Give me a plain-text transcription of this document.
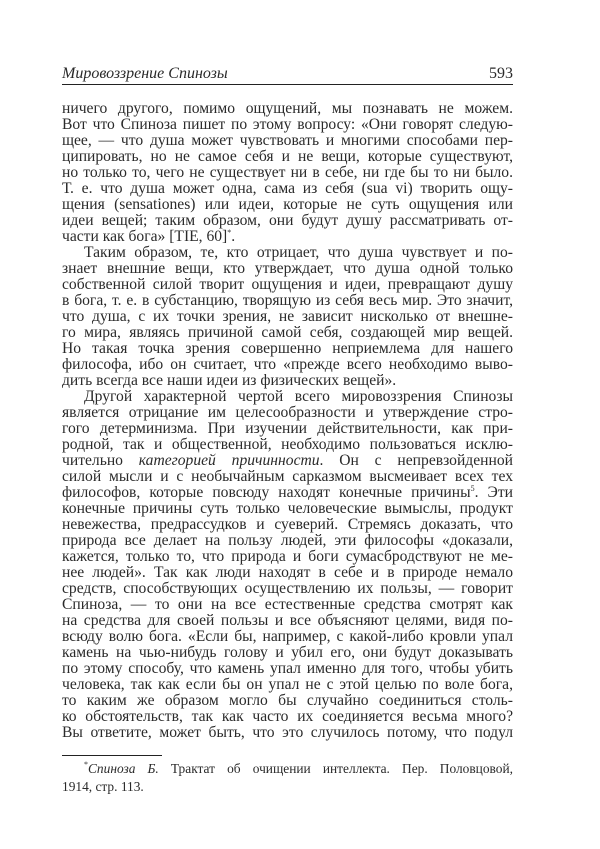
Мировоззрение Спинозы	593
ничего другого, помимо ощущений, мы познавать не можем.
Вот что Спиноза пишет по этому вопросу: «Они говорят следую-
щее, — что душа может чувствовать и многими способами пер-
ципировать, но не самое себя и не вещи, которые существуют,
но только то, чего не существует ни в себе, ни где бы то ни было.
Т. е. что душа может одна, сама из себя (sua vi) творить ощу-
щения (sensationes) или идеи, которые не суть ощущения или
идеи вещей; таким образом, они будут душу рассматривать от-
части как бога» [TIE, 60]*.
Таким образом, те, кто отрицает, что душа чувствует и по-
знает внешние вещи, кто утверждает, что душа одной только
собственной силой творит ощущения и идеи, превращают душу
в бога, т. е. в субстанцию, творящую из себя весь мир. Это значит,
что душа, с их точки зрения, не зависит нисколько от внешне-
го мира, являясь причиной самой себя, создающей мир вещей.
Но такая точка зрения совершенно неприемлема для нашего
философа, ибо он считает, что «прежде всего необходимо выво-
дить всегда все наши идеи из физических вещей».
Другой характерной чертой всего мировоззрения Спинозы
является отрицание им целесообразности и утверждение стро-
гого детерминизма. При изучении действительности, как при-
родной, так и общественной, необходимо пользоваться исклю-
чительно категорией причинности. Он с непревзойденной
силой мысли и с необычайным сарказмом высмеивает всех тех
философов, которые повсюду находят конечные причины$^5$. Эти
конечные причины суть только человеческие вымыслы, продукт
невежества, предрассудков и суеверий. Стремясь доказать, что
природа все делает на пользу людей, эти философы «доказали,
кажется, только то, что природа и боги сумасбродствуют не ме-
нее людей». Так как люди находят в себе и в природе немало
средств, способствующих осуществлению их пользы, — говорит
Спиноза, — то они на все естественные средства смотрят как
на средства для своей пользы и все объясняют целями, видя по-
всюду волю бога. «Если бы, например, с какой-либо кровли упал
камень на чью-нибудь голову и убил его, они будут доказывать
по этому способу, что камень упал именно для того, чтобы убить
человека, так как если бы он упал не с этой целью по воле бога,
то каким же образом могло бы случайно соединиться столь-
ко обстоятельств, так как часто их соединяется весьма много?
Вы ответите, может быть, что это случилось потому, что подул
*Спиноза Б. Трактат об очищении интеллекта. Пер. Половцовой,
1914, стр. 113.
